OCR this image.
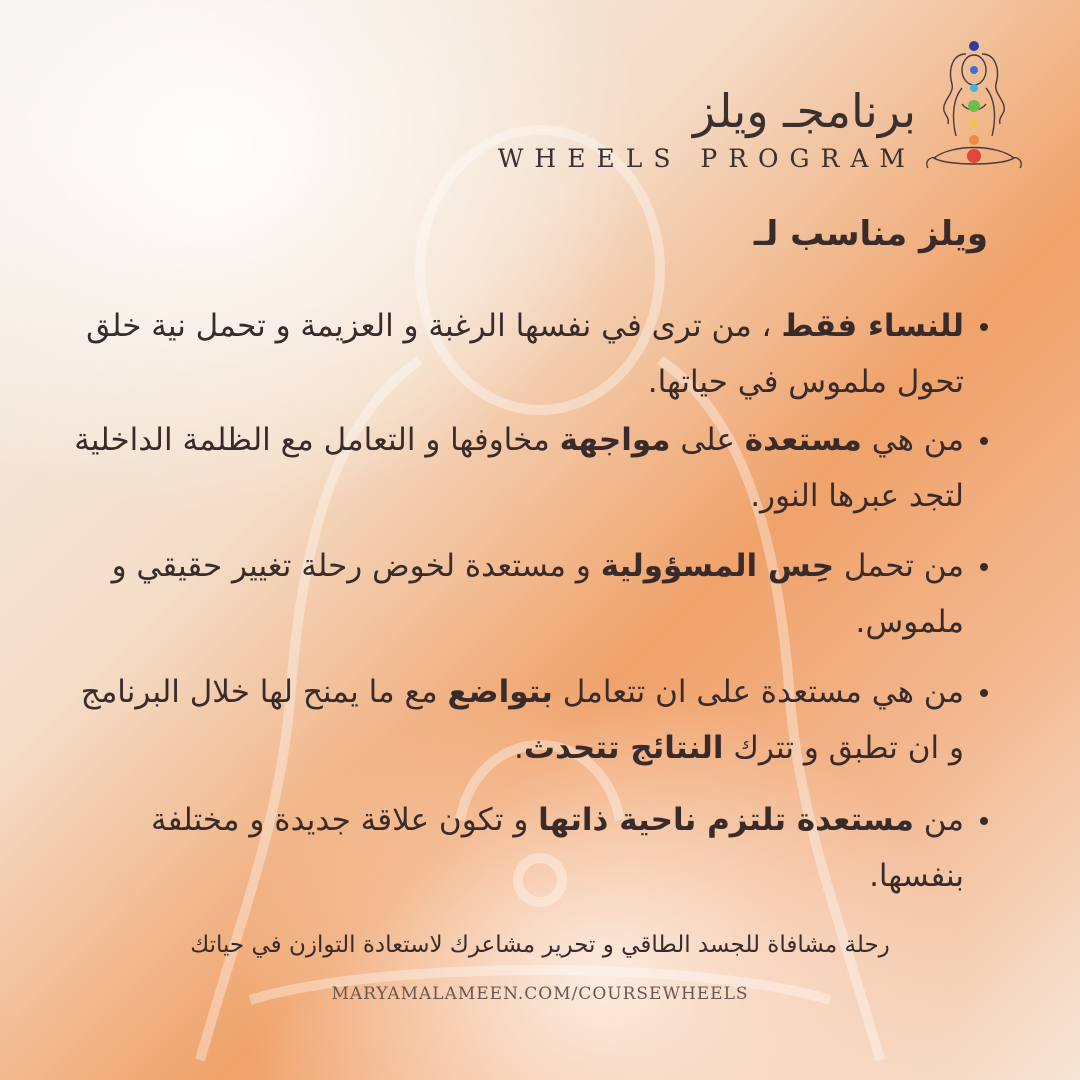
برنامجـ ويلز
WHEELS PROGRAM
ويلز مناسب لـ
للنساء فقط ، من ترى في نفسها الرغبة و العزيمة و تحمل نية خلق تحول ملموس في حياتها.
من هي مستعدة على مواجهة مخاوفها و التعامل مع الظلمة الداخلية لتجد عبرها النور.
من تحمل حِس المسؤولية و مستعدة لخوض رحلة تغيير حقيقي و ملموس.
من هي مستعدة على ان تتعامل بتواضع مع ما يمنح لها خلال البرنامج و ان تطبق و تترك النتائج تتحدث.
من مستعدة تلتزم ناحية ذاتها و تكون علاقة جديدة و مختلفة بنفسها.
رحلة مشافاة للجسد الطاقي و تحرير مشاعرك لاستعادة التوازن في حياتك
MARYAMALAMEEN.COM/COURSEWHEELS
